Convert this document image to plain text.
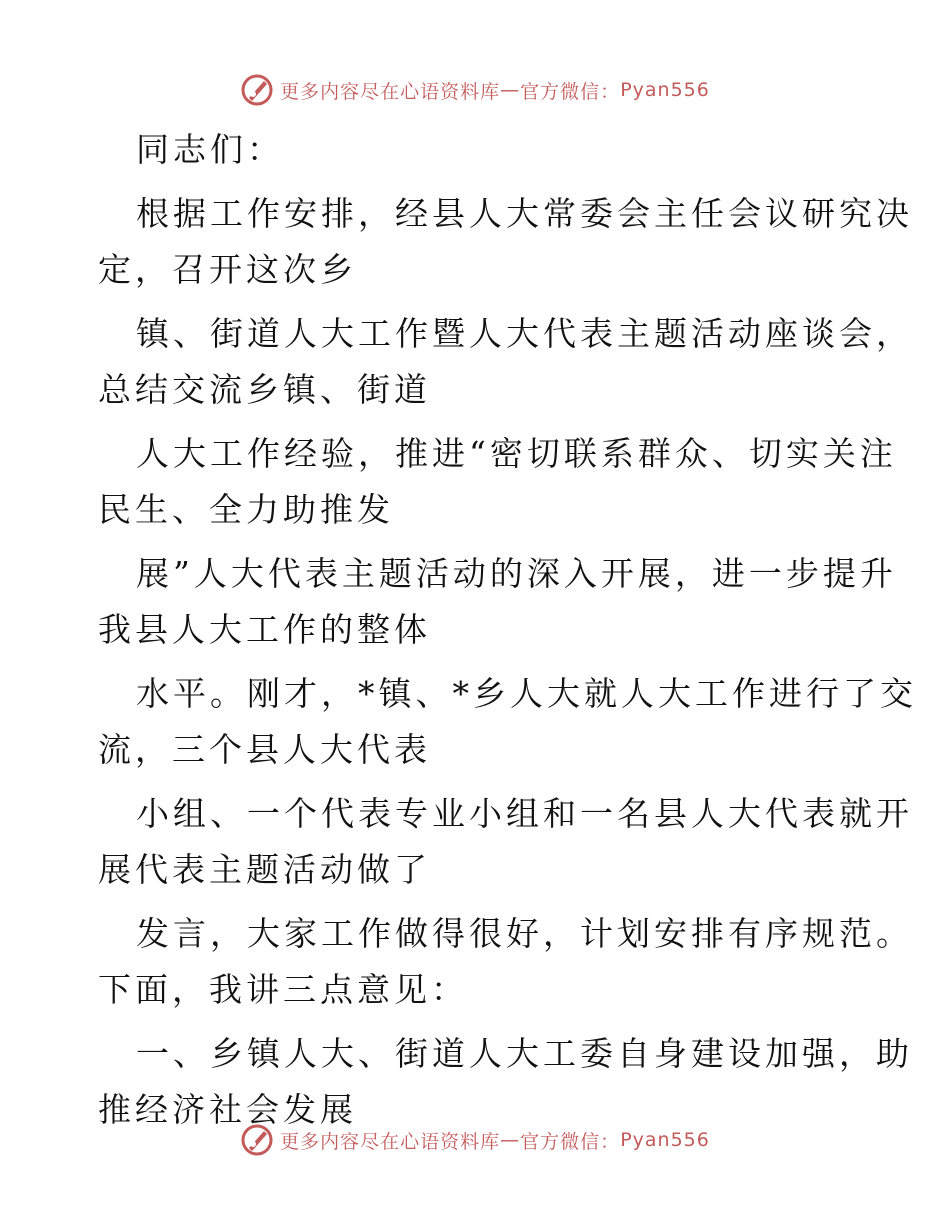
更多内容尽在心语资料库 — 官方微信： Pyan556

同志们：

根据工作安排，经县人大常委会主任会议研究决

定，召开这次乡

镇、街道人大工作暨人大代表主题活动座谈会，

总结交流乡镇、街道

人大工作经验，推进“密切联系群众、切实关注

民生、全力助推发

展”人大代表主题活动的深入开展，进一步提升

我县人大工作的整体

水平。刚才，*镇、*乡人大就人大工作进行了交

流，三个县人大代表

小组、一个代表专业小组和一名县人大代表就开

展代表主题活动做了

发言，大家工作做得很好，计划安排有序规范。

下面，我讲三点意见：

一、乡镇人大、街道人大工委自身建设加强，助

推经济社会发展

更多内容尽在心语资料库 — 官方微信： Pyan556
